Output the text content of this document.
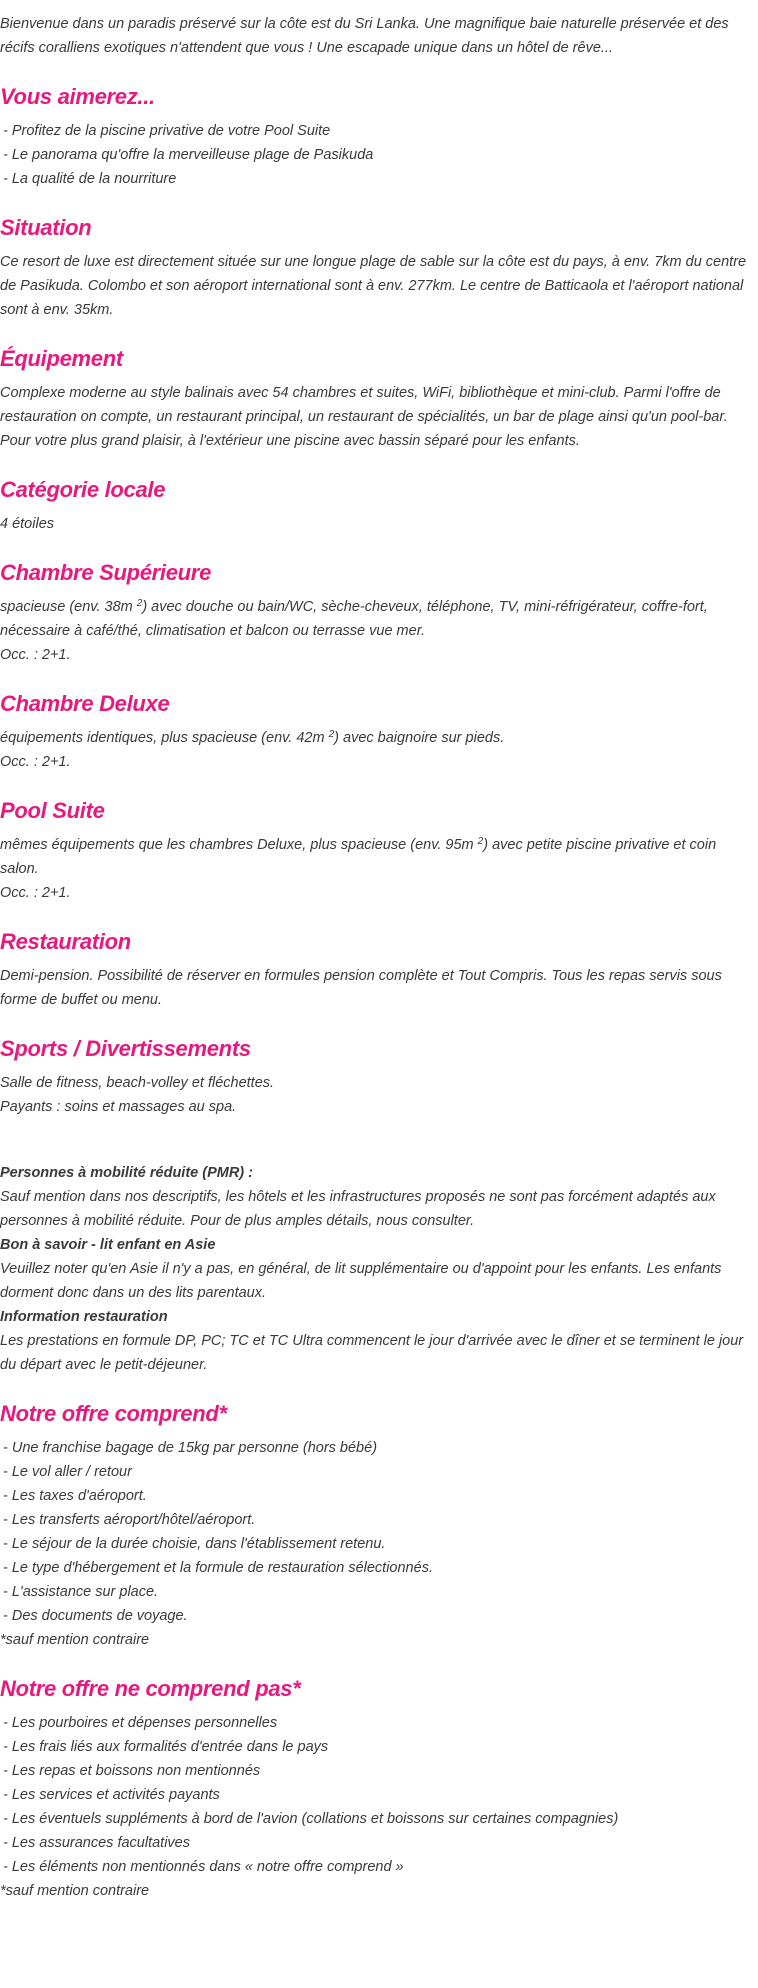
Bienvenue dans un paradis préservé sur la côte est du Sri Lanka. Une magnifique baie naturelle préservée et des récifs coralliens exotiques n'attendent que vous ! Une escapade unique dans un hôtel de rêve...

Vous aimerez...
- Profitez de la piscine privative de votre Pool Suite
- Le panorama qu'offre la merveilleuse plage de Pasikuda
- La qualité de la nourriture
Situation

Ce resort de luxe est directement située sur une longue plage de sable sur la côte est du pays, à env. 7km du centre de Pasikuda. Colombo et son aéroport international sont à env. 277km. Le centre de Batticaola et l'aéroport national sont à env. 35km.

Équipement

Complexe moderne au style balinais avec 54 chambres et suites, WiFi, bibliothèque et mini-club. Parmi l'offre de restauration on compte, un restaurant principal, un restaurant de spécialités, un bar de plage ainsi qu'un pool-bar. Pour votre plus grand plaisir, à l'extérieur une piscine avec bassin séparé pour les enfants.

Catégorie locale

4 étoiles

Chambre Supérieure

spacieuse (env. 38m $^2$) avec douche ou bain/WC, sèche-cheveux, téléphone, TV, mini-réfrigérateur, coffre-fort, nécessaire à café/thé, climatisation et balcon ou terrasse vue mer.

Occ. : 2+1.

Chambre Deluxe

équipements identiques, plus spacieuse (env. 42m $^2$) avec baignoire sur pieds.

Occ. : 2+1.

Pool Suite

mêmes équipements que les chambres Deluxe, plus spacieuse (env. 95m $^2$) avec petite piscine privative et coin salon.

Occ. : 2+1.

Restauration

Demi-pension. Possibilité de réserver en formules pension complète et Tout Compris. Tous les repas servis sous forme de buffet ou menu.

Sports / Divertissements

Salle de fitness, beach-volley et fléchettes.

Payants : soins et massages au spa.

Personnes à mobilité réduite (PMR) :

Sauf mention dans nos descriptifs, les hôtels et les infrastructures proposés ne sont pas forcément adaptés aux personnes à mobilité réduite. Pour de plus amples détails, nous consulter.

Bon à savoir - lit enfant en Asie

Veuillez noter qu'en Asie il n'y a pas, en général, de lit supplémentaire ou d'appoint pour les enfants. Les enfants dorment donc dans un des lits parentaux.

Information restauration

Les prestations en formule DP, PC; TC et TC Ultra commencent le jour d'arrivée avec le dîner et se terminent le jour du départ avec le petit-déjeuner.

Notre offre comprend*
- Une franchise bagage de 15kg par personne (hors bébé)
- Le vol aller / retour
- Les taxes d'aéroport.
- Les transferts aéroport/hôtel/aéroport.
- Le séjour de la durée choisie, dans l'établissement retenu.
- Le type d'hébergement et la formule de restauration sélectionnés.
- L'assistance sur place.
- Des documents de voyage.

*sauf mention contraire

Notre offre ne comprend pas*
- Les pourboires et dépenses personnelles
- Les frais liés aux formalités d'entrée dans le pays
- Les repas et boissons non mentionnés
- Les services et activités payants
- Les éventuels suppléments à bord de l'avion (collations et boissons sur certaines compagnies)
- Les assurances facultatives
- Les éléments non mentionnés dans « notre offre comprend »

*sauf mention contraire
